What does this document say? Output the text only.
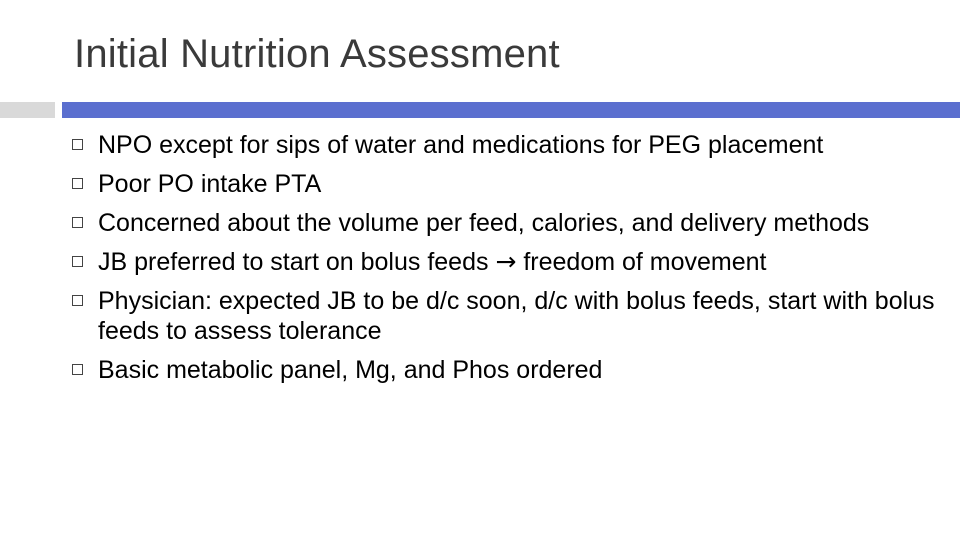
Initial Nutrition Assessment
NPO except for sips of water and medications for PEG placement
Poor PO intake PTA
Concerned about the volume per feed, calories, and delivery methods
JB preferred to start on bolus feeds → freedom of movement
Physician: expected JB to be d/c soon, d/c with bolus feeds, start with bolus feeds to assess tolerance
Basic metabolic panel, Mg, and Phos ordered
